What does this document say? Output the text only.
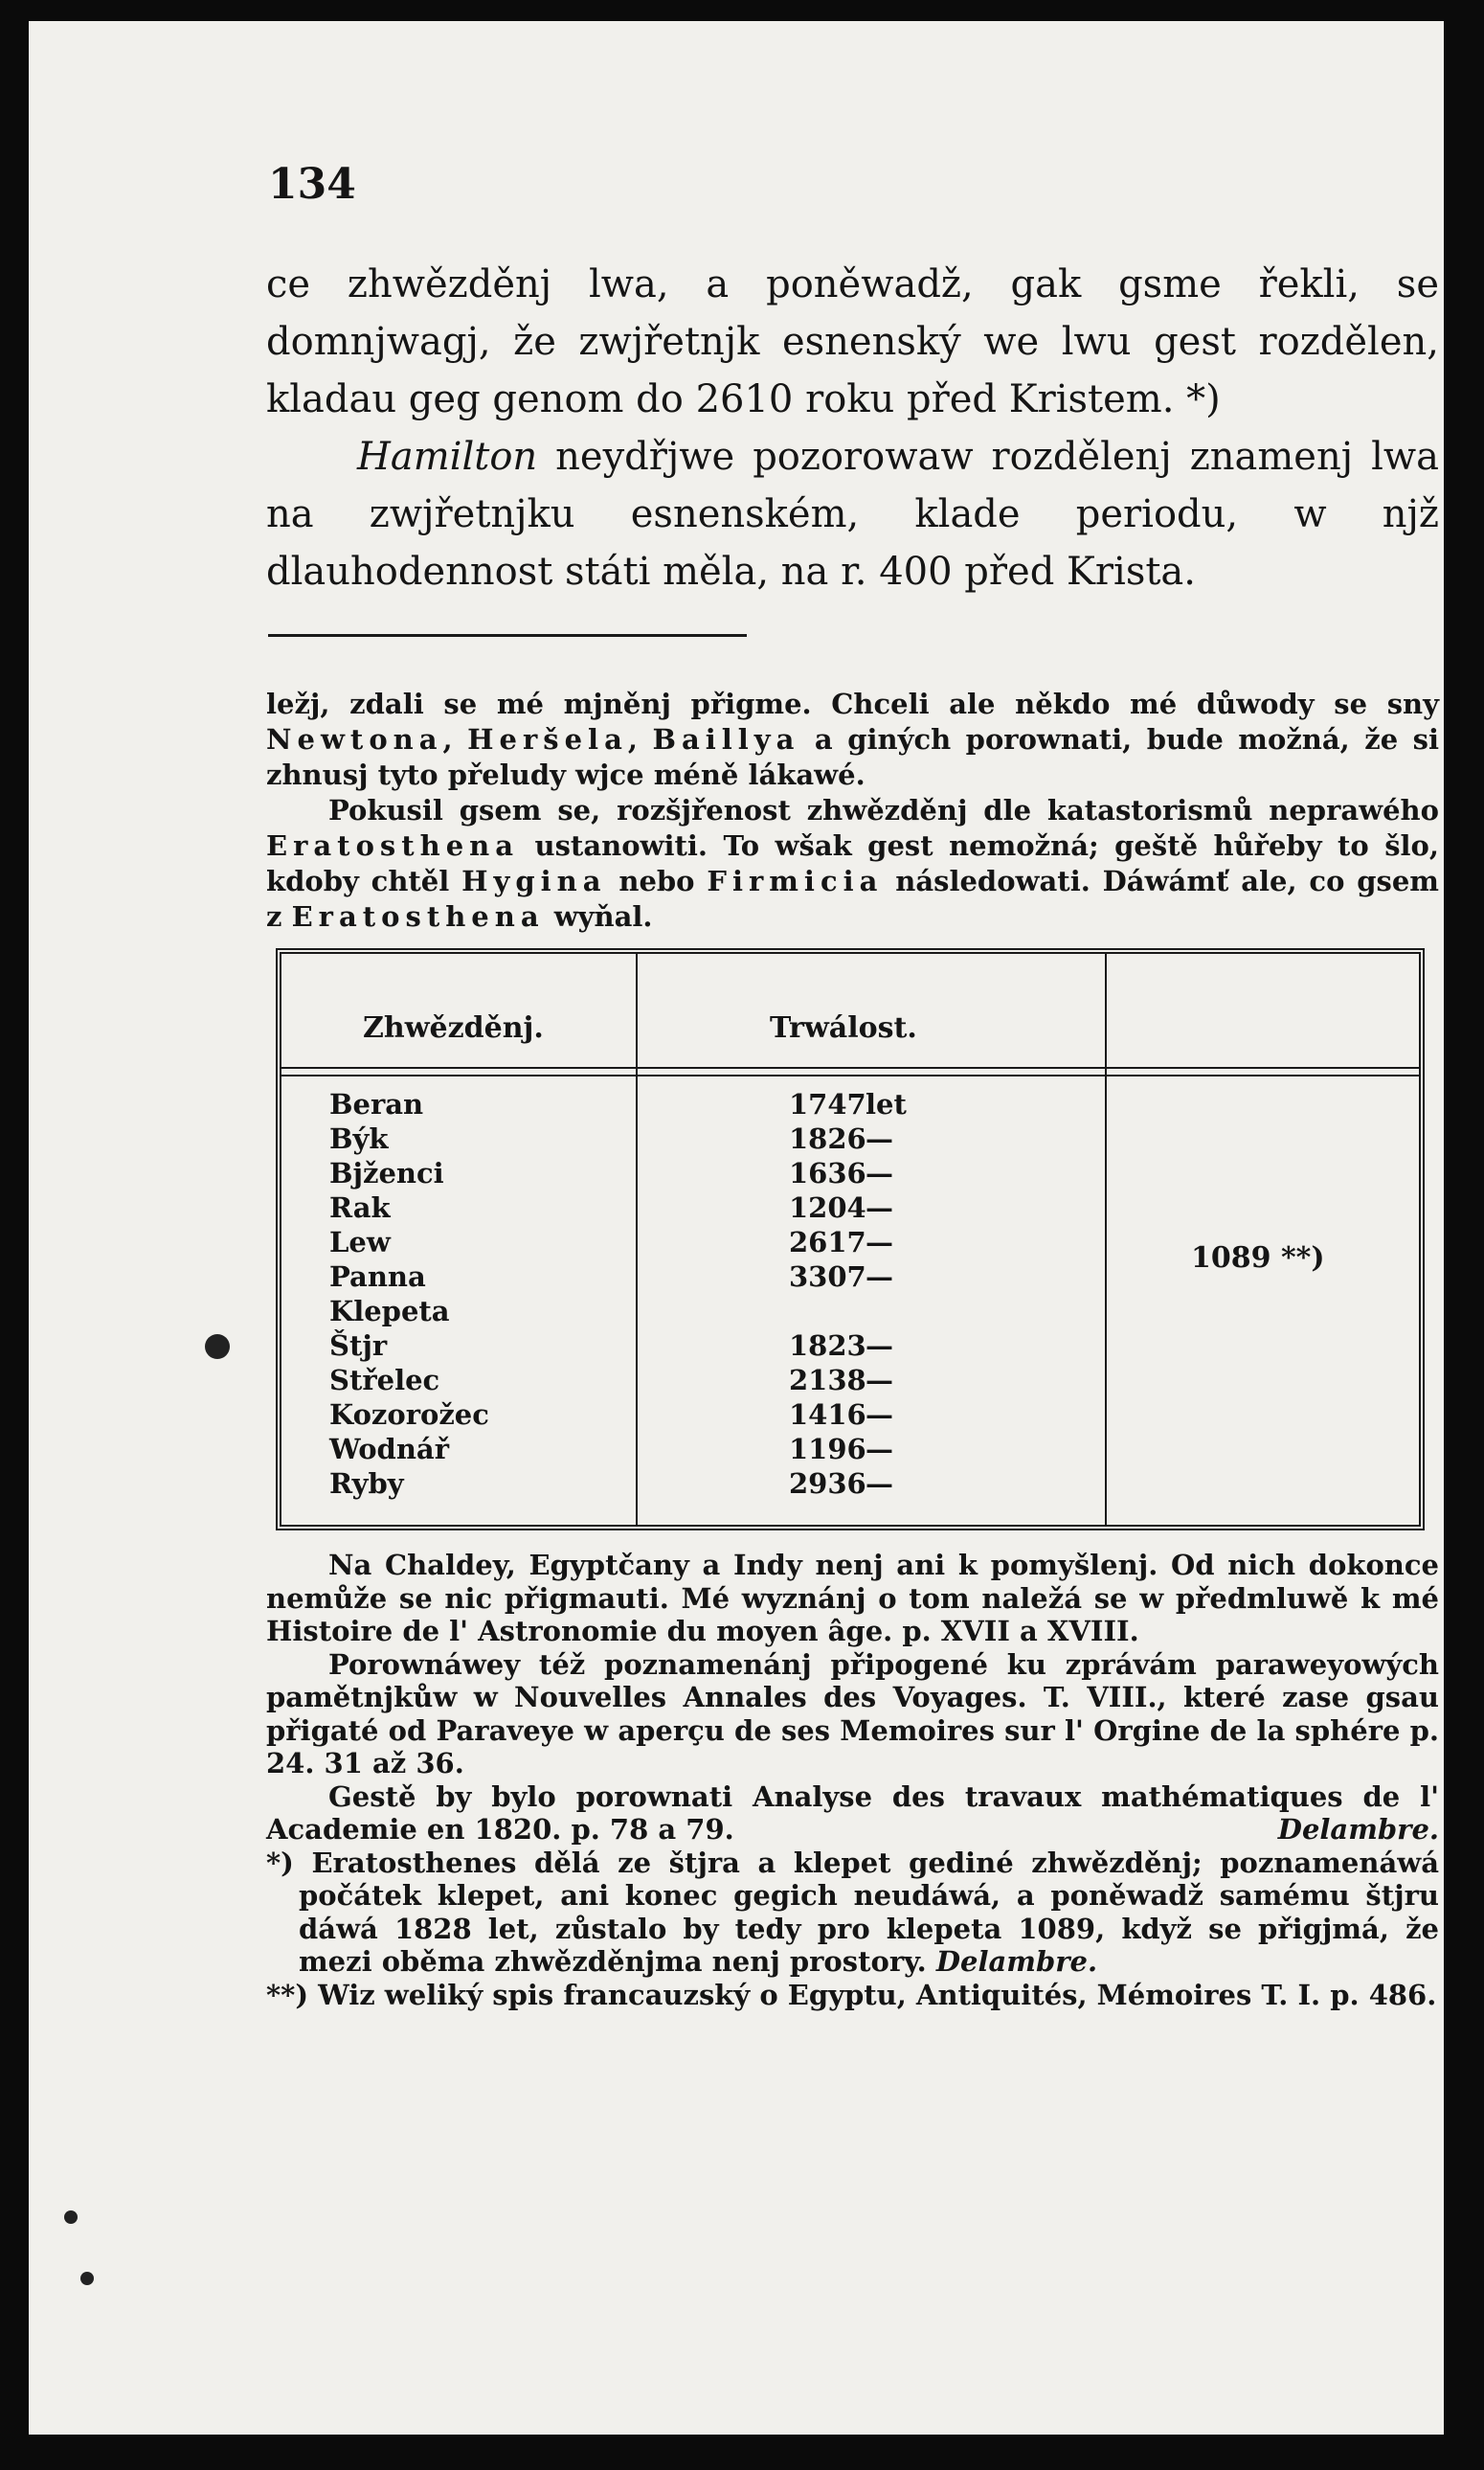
134

ce zhwězděnj lwa, a poněwadž, gak gsme řekli, se domnjwagj, že zwjřetnjk esnenský we lwu gest rozdělen, kladau geg genom do 2610 roku před Kristem. *)

Hamilton neydřjwe pozorowaw rozdělenj znamenj lwa na zwjřetnjku esnenském, klade periodu, w njž dlauhodennost státi měla, na r. 400 před Krista.

ležj, zdali se mé mjněnj přigme. Chceli ale někdo mé důwody se sny Newtona, Heršela, Baillya a giných porownati, bude možná, že si zhnusj tyto přeludy wjce méně lákawé.

Pokusil gsem se, rozšjřenost zhwězděnj dle katastorismů neprawého Eratosthena ustanowiti. To wšak gest nemožná; geště hůřeby to šlo, kdoby chtěl Hygina nebo Firmicia následowati. Dáwámť ale, co gsem z Eratosthena wyňal.

Zhwězděnj.	Trwálost.
Beran	1747 let
Býk	1826 —
Bjženci	1636 —
Rak	1204 —
Lew	2617 —
Panna	3307 —
Klepeta
Štjr	1823 —
Střelec	2138 —
Kozorožec	1416 —
Wodnář	1196 —
Ryby	2936 —
1089 **)

Na Chaldey, Egyptčany a Indy nenj ani k pomyšlenj. Od nich dokonce nemůže se nic přigmauti. Mé wyznánj o tom naležá se w předmluwě k mé Histoire de l' Astronomie du moyen âge. p. XVII a XVIII.

Porownáwey též poznamenánj připogené ku zprávám paraweyowých pamětnjkůw w Nouvelles Annales des Voyages. T. VIII., které zase gsau přigaté od Paraveye w aperçu de ses Memoires sur l' Orgine de la sphére p. 24. 31 až 36.

Gestě by bylo porownati Analyse des travaux mathématiques de l' Academie en 1820. p. 78 a 79.	Delambre.

*) Eratosthenes dělá ze štjra a klepet gediné zhwězděnj; poznamenáwá počátek klepet, ani konec gegich neudáwá, a poněwadž samému štjru dáwá 1828 let, zůstalo by tedy pro klepeta 1089, když se přigjmá, že mezi oběma zhwězděnjma nenj prostory. Delambre.

**) Wiz weliký spis francauzský o Egyptu, Antiquités, Mémoires T. I. p. 486.
